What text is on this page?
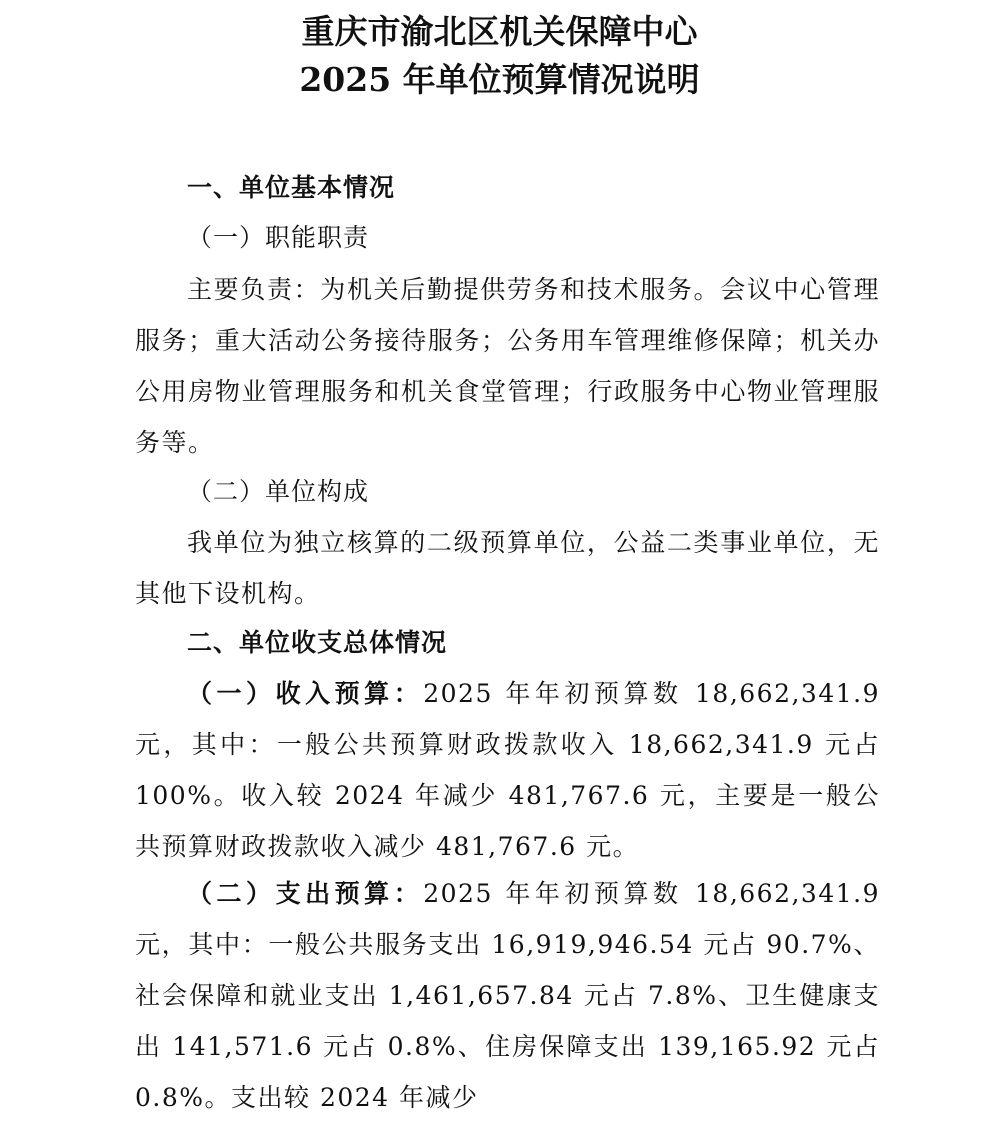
重庆市渝北区机关保障中心
2025 年单位预算情况说明

一、单位基本情况

（一）职能职责

主要负责：为机关后勤提供劳务和技术服务。会议中心管理服务；重大活动公务接待服务；公务用车管理维修保障；机关办公用房物业管理服务和机关食堂管理；行政服务中心物业管理服务等。

（二）单位构成

我单位为独立核算的二级预算单位，公益二类事业单位，无其他下设机构。

二、单位收支总体情况

（一）收入预算：2025 年年初预算数 18,662,341.9 元，其中：一般公共预算财政拨款收入 18,662,341.9 元占 100%。收入较 2024 年减少 481,767.6 元，主要是一般公共预算财政拨款收入减少 481,767.6 元。

（二）支出预算：2025 年年初预算数 18,662,341.9 元，其中：一般公共服务支出 16,919,946.54 元占 90.7%、社会保障和就业支出 1,461,657.84 元占 7.8%、卫生健康支出 141,571.6 元占 0.8%、住房保障支出 139,165.92 元占 0.8%。支出较 2024 年减少
